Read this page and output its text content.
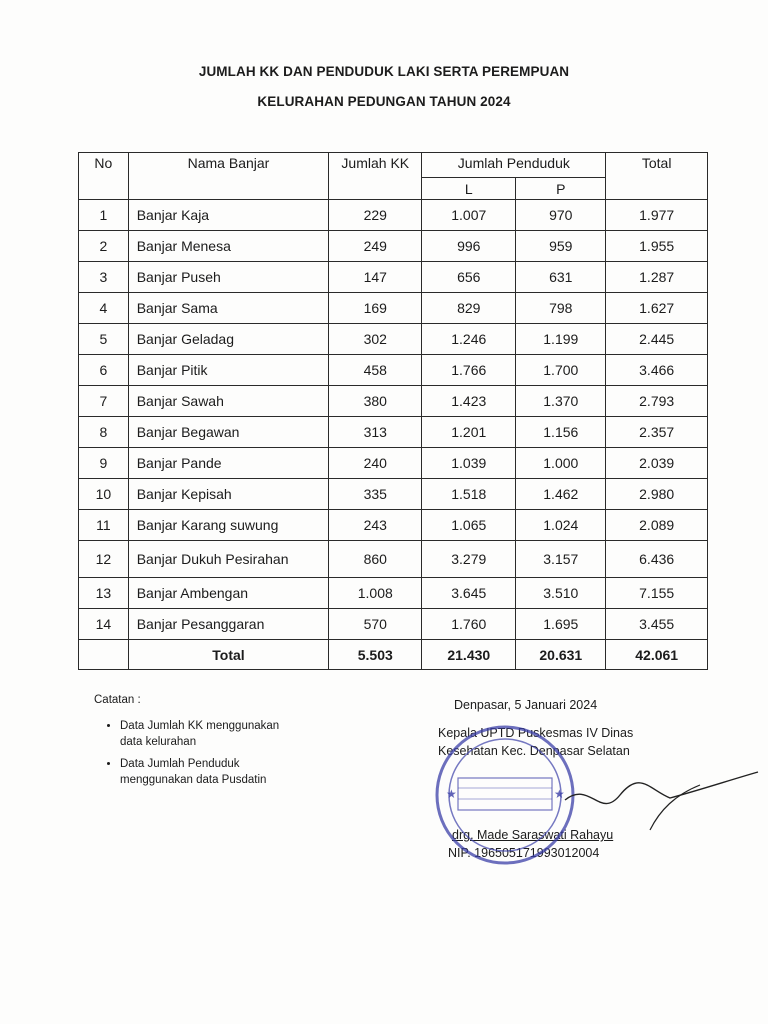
JUMLAH KK DAN PENDUDUK LAKI SERTA PEREMPUAN
KELURAHAN PEDUNGAN TAHUN 2024
No	Nama Banjar	Jumlah KK	Jumlah Penduduk		Total
			L	P	
1	Banjar Kaja	229	1.007	970	1.977
2	Banjar Menesa	249	996	959	1.955
3	Banjar Puseh	147	656	631	1.287
4	Banjar Sama	169	829	798	1.627
5	Banjar Geladag	302	1.246	1.199	2.445
6	Banjar Pitik	458	1.766	1.700	3.466
7	Banjar Sawah	380	1.423	1.370	2.793
8	Banjar Begawan	313	1.201	1.156	2.357
9	Banjar Pande	240	1.039	1.000	2.039
10	Banjar Kepisah	335	1.518	1.462	2.980
11	Banjar Karang suwung	243	1.065	1.024	2.089
12	Banjar Dukuh Pesirahan	860	3.279	3.157	6.436
13	Banjar Ambengan	1.008	3.645	3.510	7.155
14	Banjar Pesanggaran	570	1.760	1.695	3.455
	Total	5.503	21.430	20.631	42.061
Catatan :
• Data Jumlah KK menggunakan data kelurahan
• Data Jumlah Penduduk menggunakan data Pusdatin
Denpasar, 5 Januari 2024
Kepala UPTD Puskesmas IV Dinas Kesehatan Kec. Denpasar Selatan
drg. Made Saraswati Rahayu
NIP. 196505171993012004
★	★
